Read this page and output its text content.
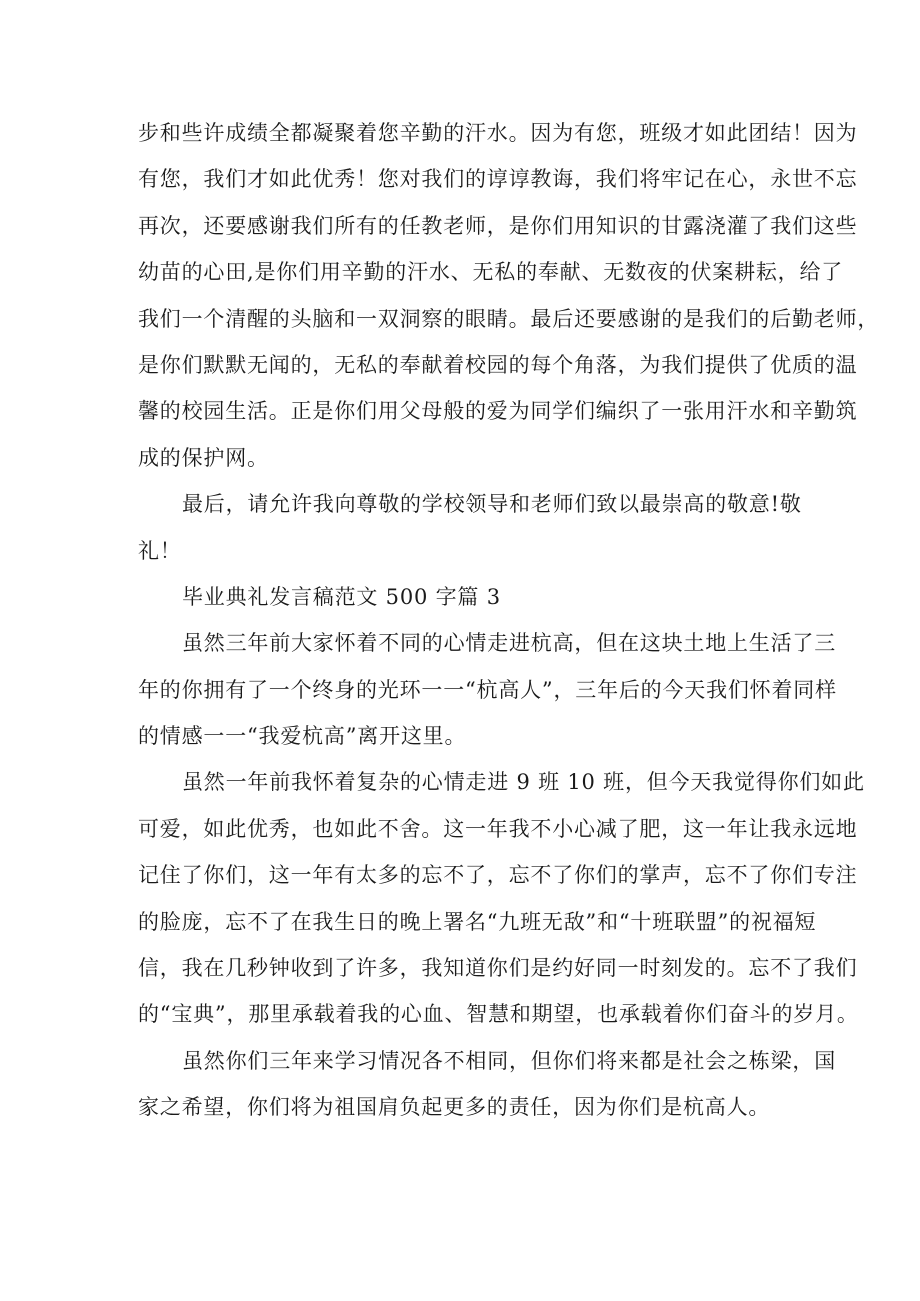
步和些许成绩全都凝聚着您辛勤的汗水。因为有您，班级才如此团结！因为
有您，我们才如此优秀！您对我们的谆谆教诲，我们将牢记在心，永世不忘
再次，还要感谢我们所有的任教老师，是你们用知识的甘露浇灌了我们这些
幼苗的心田,是你们用辛勤的汗水、无私的奉献、无数夜的伏案耕耘，给了
我们一个清醒的头脑和一双洞察的眼睛。最后还要感谢的是我们的后勤老师，
是你们默默无闻的，无私的奉献着校园的每个角落，为我们提供了优质的温
馨的校园生活。正是你们用父母般的爱为同学们编织了一张用汗水和辛勤筑
成的保护网。
最后，请允许我向尊敬的学校领导和老师们致以最崇高的敬意!敬
礼！
毕业典礼发言稿范文 500 字篇 3
虽然三年前大家怀着不同的心情走进杭高，但在这块土地上生活了三
年的你拥有了一个终身的光环一一“杭高人”，三年后的今天我们怀着同样
的情感一一“我爱杭高”离开这里。
虽然一年前我怀着复杂的心情走进 9 班 10 班，但今天我觉得你们如此
可爱，如此优秀，也如此不舍。这一年我不小心减了肥，这一年让我永远地
记住了你们，这一年有太多的忘不了，忘不了你们的掌声，忘不了你们专注
的脸庞，忘不了在我生日的晚上署名“九班无敌”和“十班联盟”的祝福短
信，我在几秒钟收到了许多，我知道你们是约好同一时刻发的。忘不了我们
的“宝典”，那里承载着我的心血、智慧和期望，也承载着你们奋斗的岁月。
虽然你们三年来学习情况各不相同，但你们将来都是社会之栋梁，国
家之希望，你们将为祖国肩负起更多的责任，因为你们是杭高人。
